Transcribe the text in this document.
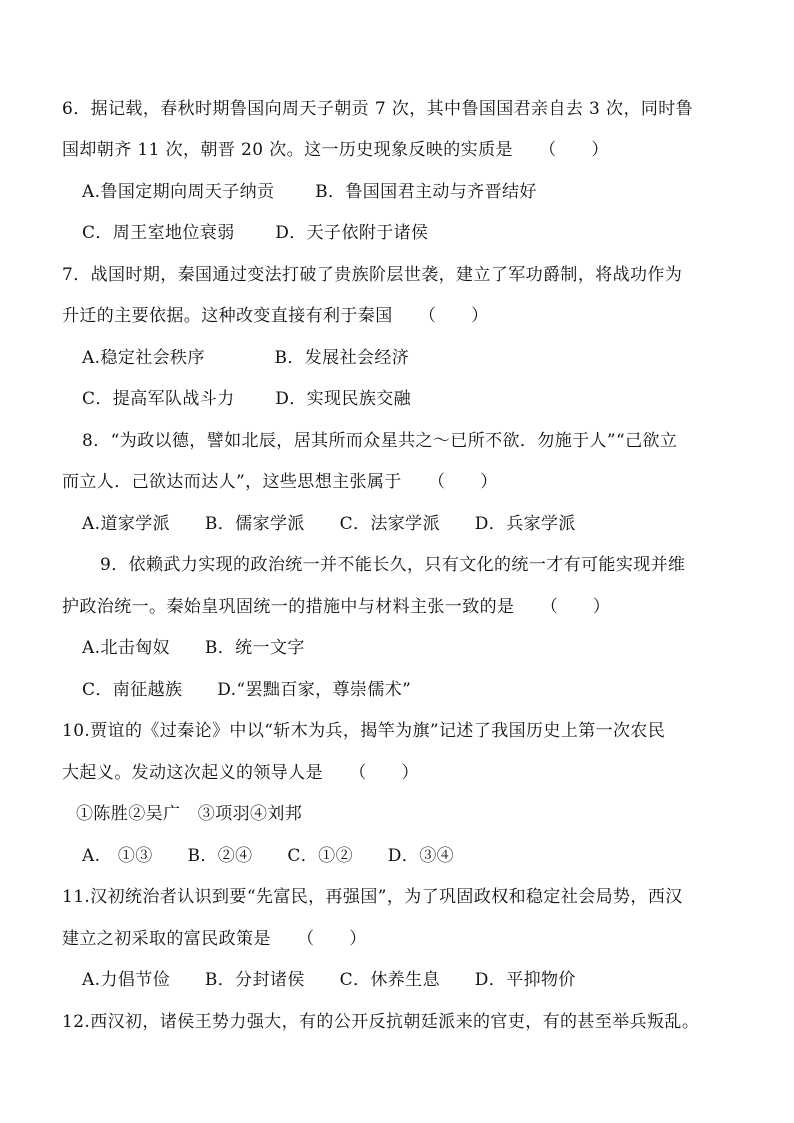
6．据记载，春秋时期鲁国向周天子朝贡 7 次，其中鲁国国君亲自去 3 次，同时鲁
国却朝齐 11 次，朝晋 20 次。这一历史现象反映的实质是　　（　　）
A.鲁国定期向周天子纳贡　　 B．鲁国国君主动与齐晋结好
C．周王室地位衰弱　　 D．天子依附于诸侯
7．战国时期，秦国通过变法打破了贵族阶层世袭，建立了军功爵制，将战功作为
升迁的主要依据。这种改变直接有利于秦国　　（　　）
A.稳定社会秩序　　　　B．发展社会经济
C．提高军队战斗力　　 D．实现民族交融
8．“为政以德，譬如北辰，居其所而众星共之～已所不欲．勿施于人”“己欲立
而立人．己欲达而达人”，这些思想主张属于　　（　　）
A.道家学派　　B．儒家学派　　C．法家学派　　D．兵家学派
9．依赖武力实现的政治统一并不能长久，只有文化的统一才有可能实现并维
护政治统一。秦始皇巩固统一的措施中与材料主张一致的是　　（　　）
A.北击匈奴　　B．统一文字
C．南征越族　　D.“罢黜百家，尊崇儒术”
10.贾谊的《过秦论》中以“斩木为兵，揭竿为旗”记述了我国历史上第一次农民
大起义。发动这次起义的领导人是　　（　　）
①陈胜②吴广　③项羽④刘邦
A.　①③　　B．②④　　C．①②　　D．③④
11.汉初统治者认识到要“先富民，再强国”，为了巩固政权和稳定社会局势，西汉
建立之初采取的富民政策是　　（　　）
A.力倡节俭　　B．分封诸侯　　C．休养生息　　D．平抑物价
12.西汉初，诸侯王势力强大，有的公开反抗朝廷派来的官吏，有的甚至举兵叛乱。
